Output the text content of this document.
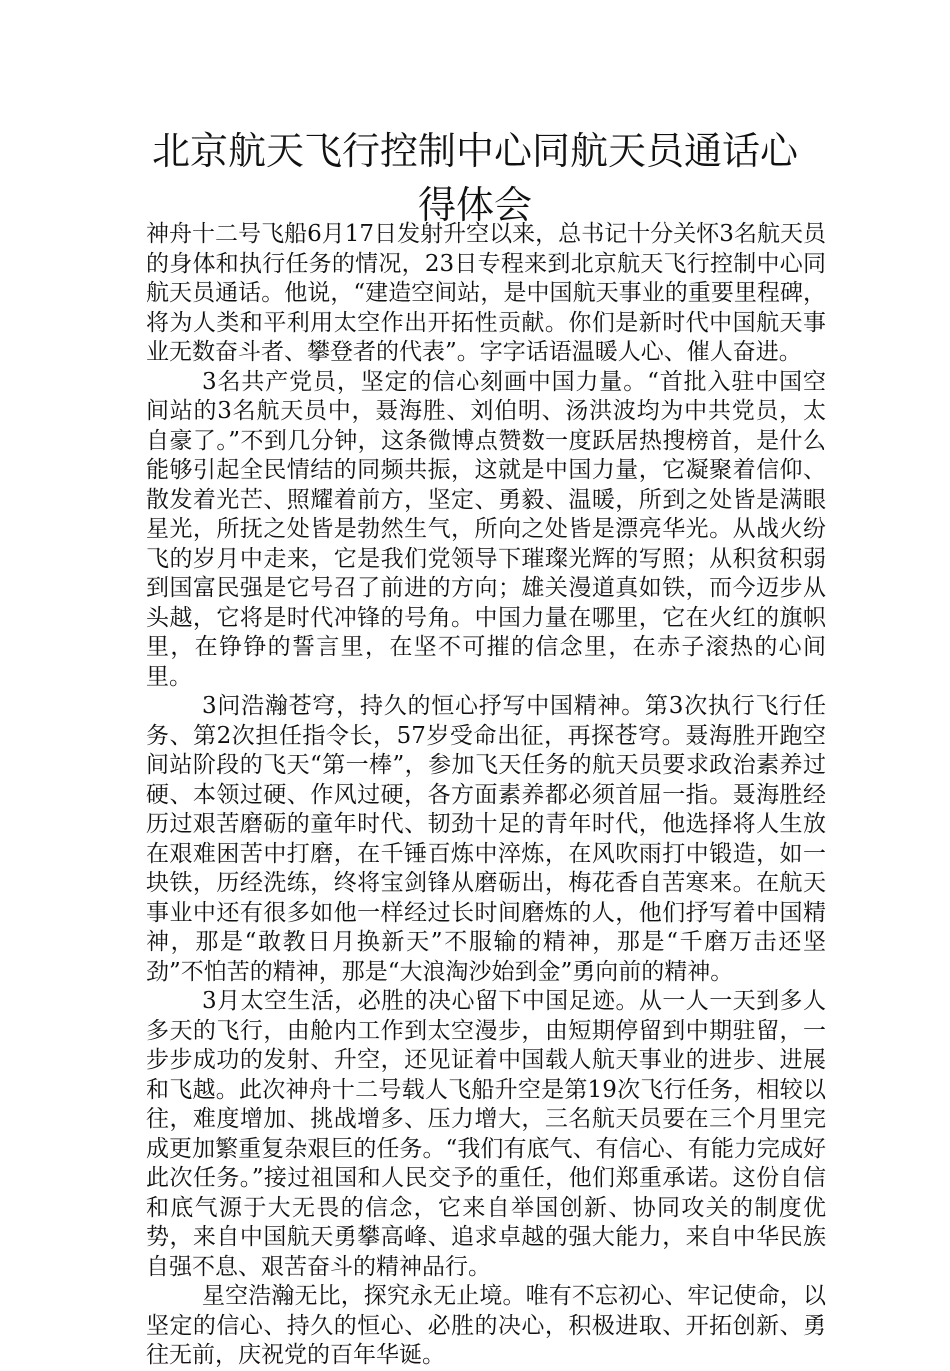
北京航天飞行控制中心同航天员通话心得体会

神舟十二号飞船6月17日发射升空以来，总书记十分关怀3名航天员的身体和执行任务的情况，23日专程来到北京航天飞行控制中心同航天员通话。他说，“建造空间站，是中国航天事业的重要里程碑，将为人类和平利用太空作出开拓性贡献。你们是新时代中国航天事业无数奋斗者、攀登者的代表”。字字话语温暖人心、催人奋进。

3名共产党员，坚定的信心刻画中国力量。“首批入驻中国空间站的3名航天员中，聂海胜、刘伯明、汤洪波均为中共党员，太自豪了。”不到几分钟，这条微博点赞数一度跃居热搜榜首，是什么能够引起全民情结的同频共振，这就是中国力量，它凝聚着信仰、散发着光芒、照耀着前方，坚定、勇毅、温暖，所到之处皆是满眼星光，所抚之处皆是勃然生气，所向之处皆是漂亮华光。从战火纷飞的岁月中走来，它是我们党领导下璀璨光辉的写照；从积贫积弱到国富民强是它号召了前进的方向；雄关漫道真如铁，而今迈步从头越，它将是时代冲锋的号角。中国力量在哪里，它在火红的旗帜里，在铮铮的誓言里，在坚不可摧的信念里，在赤子滚热的心间里。

3问浩瀚苍穹，持久的恒心抒写中国精神。第3次执行飞行任务、第2次担任指令长，57岁受命出征，再探苍穹。聂海胜开跑空间站阶段的飞天“第一棒”，参加飞天任务的航天员要求政治素养过硬、本领过硬、作风过硬，各方面素养都必须首屈一指。聂海胜经历过艰苦磨砺的童年时代、韧劲十足的青年时代，他选择将人生放在艰难困苦中打磨，在千锤百炼中淬炼，在风吹雨打中锻造，如一块铁，历经洗练，终将宝剑锋从磨砺出，梅花香自苦寒来。在航天事业中还有很多如他一样经过长时间磨炼的人，他们抒写着中国精神，那是“敢教日月换新天”不服输的精神，那是“千磨万击还坚劲”不怕苦的精神，那是“大浪淘沙始到金”勇向前的精神。

3月太空生活，必胜的决心留下中国足迹。从一人一天到多人多天的飞行，由舱内工作到太空漫步，由短期停留到中期驻留，一步步成功的发射、升空，还见证着中国载人航天事业的进步、进展和飞越。此次神舟十二号载人飞船升空是第19次飞行任务，相较以往，难度增加、挑战增多、压力增大，三名航天员要在三个月里完成更加繁重复杂艰巨的任务。“我们有底气、有信心、有能力完成好此次任务。”接过祖国和人民交予的重任，他们郑重承诺。这份自信和底气源于大无畏的信念，它来自举国创新、协同攻关的制度优势，来自中国航天勇攀高峰、追求卓越的强大能力，来自中华民族自强不息、艰苦奋斗的精神品行。

星空浩瀚无比，探究永无止境。唯有不忘初心、牢记使命，以坚定的信心、持久的恒心、必胜的决心，积极进取、开拓创新、勇往无前，庆祝党的百年华诞。
